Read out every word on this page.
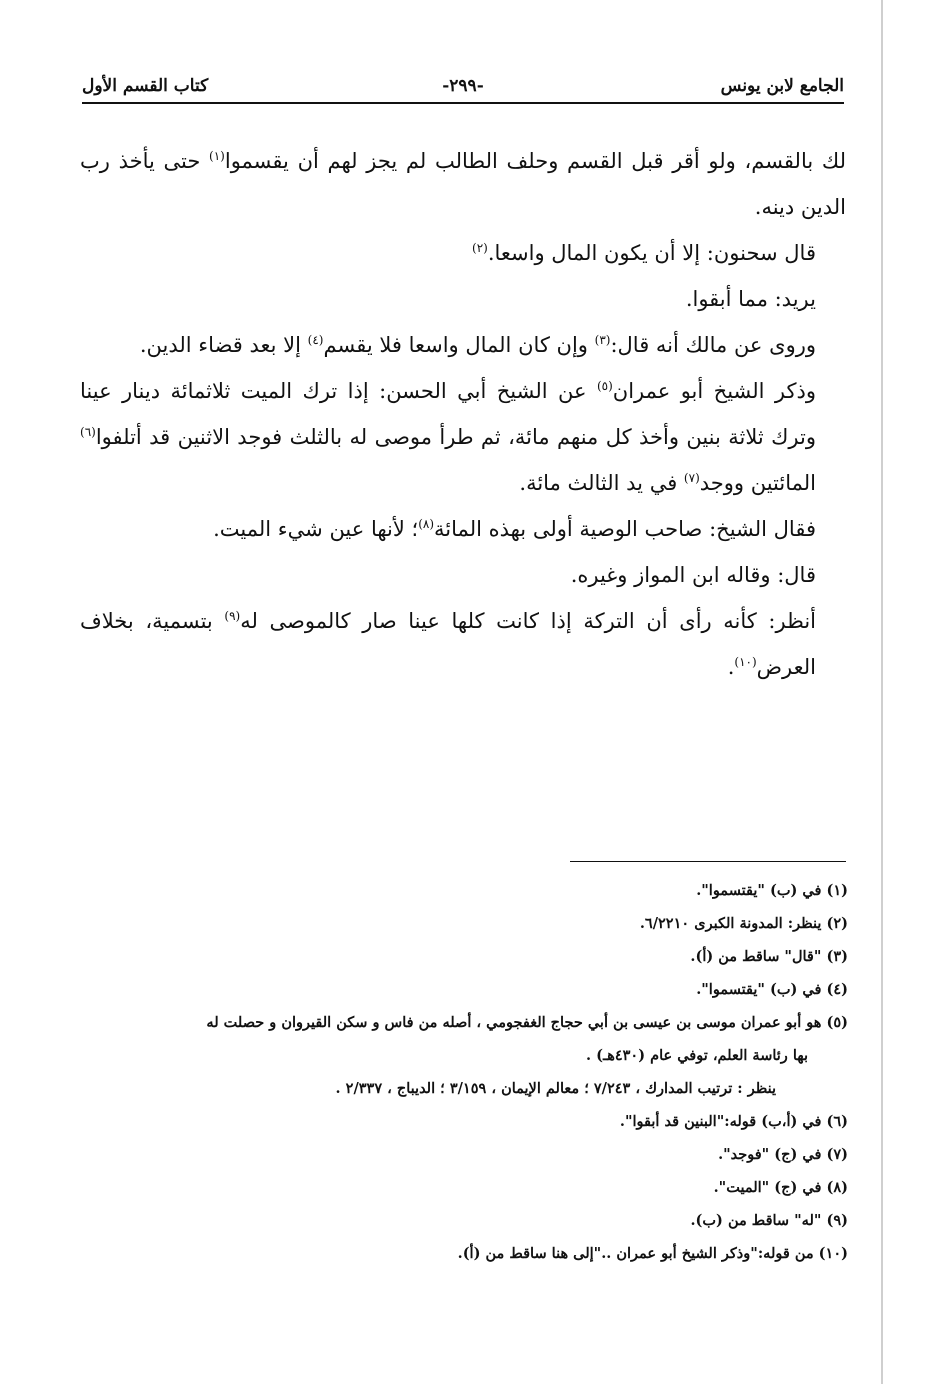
الجامع لابن يونس
-٢٩٩-
كتاب القسم الأول

لك بالقسم، ولو أقر قبل القسم وحلف الطالب لم يجز لهم أن يقسموا$^{(١)}$ حتى يأخذ رب الدين دينه.

قال سحنون: إلا أن يكون المال واسعا.$^{(٢)}$

يريد: مما أبقوا.

وروى عن مالك أنه قال:$^{(٣)}$ وإن كان المال واسعا فلا يقسم$^{(٤)}$ إلا بعد قضاء الدين.

وذكر الشيخ أبو عمران$^{(٥)}$ عن الشيخ أبي الحسن: إذا ترك الميت ثلاثمائة دينار عينا وترك ثلاثة بنين وأخذ كل منهم مائة، ثم طرأ موصى له بالثلث فوجد الاثنين قد أتلفوا$^{(٦)}$ المائتين ووجد$^{(٧)}$ في يد الثالث مائة.

فقال الشيخ: صاحب الوصية أولى بهذه المائة$^{(٨)}$؛ لأنها عين شيء الميت.

قال: وقاله ابن المواز وغيره.

أنظر: كأنه رأى أن التركة إذا كانت كلها عينا صار كالموصى له$^{(٩)}$ بتسمية، بخلاف العرض$^{(١٠)}$.

(١) في (ب) "يقتسموا".

(٢) ينظر: المدونة الكبرى ٦/٢٢١٠.

(٣) "قال" ساقط من (أ).

(٤) في (ب) "يقتسموا".

(٥) هو أبو عمران موسى بن عيسى بن أبي حجاج الغفجومي ، أصله من فاس و سكن القيروان و حصلت له

بها رئاسة العلم، توفي عام (٤٣٠هـ) .

ينظر : ترتيب المدارك ، ٧/٢٤٣ ؛ معالم الإيمان ، ٣/١٥٩ ؛ الديباج ، ٢/٣٣٧ .

(٦) في (أ،ب) قوله:"البنين قد أبقوا".

(٧) في (ج) "فوجد".

(٨) في (ج) "الميت".

(٩) "له" ساقط من (ب).

(١٠) من قوله:"وذكر الشيخ أبو عمران .."إلى هنا ساقط من (أ).
